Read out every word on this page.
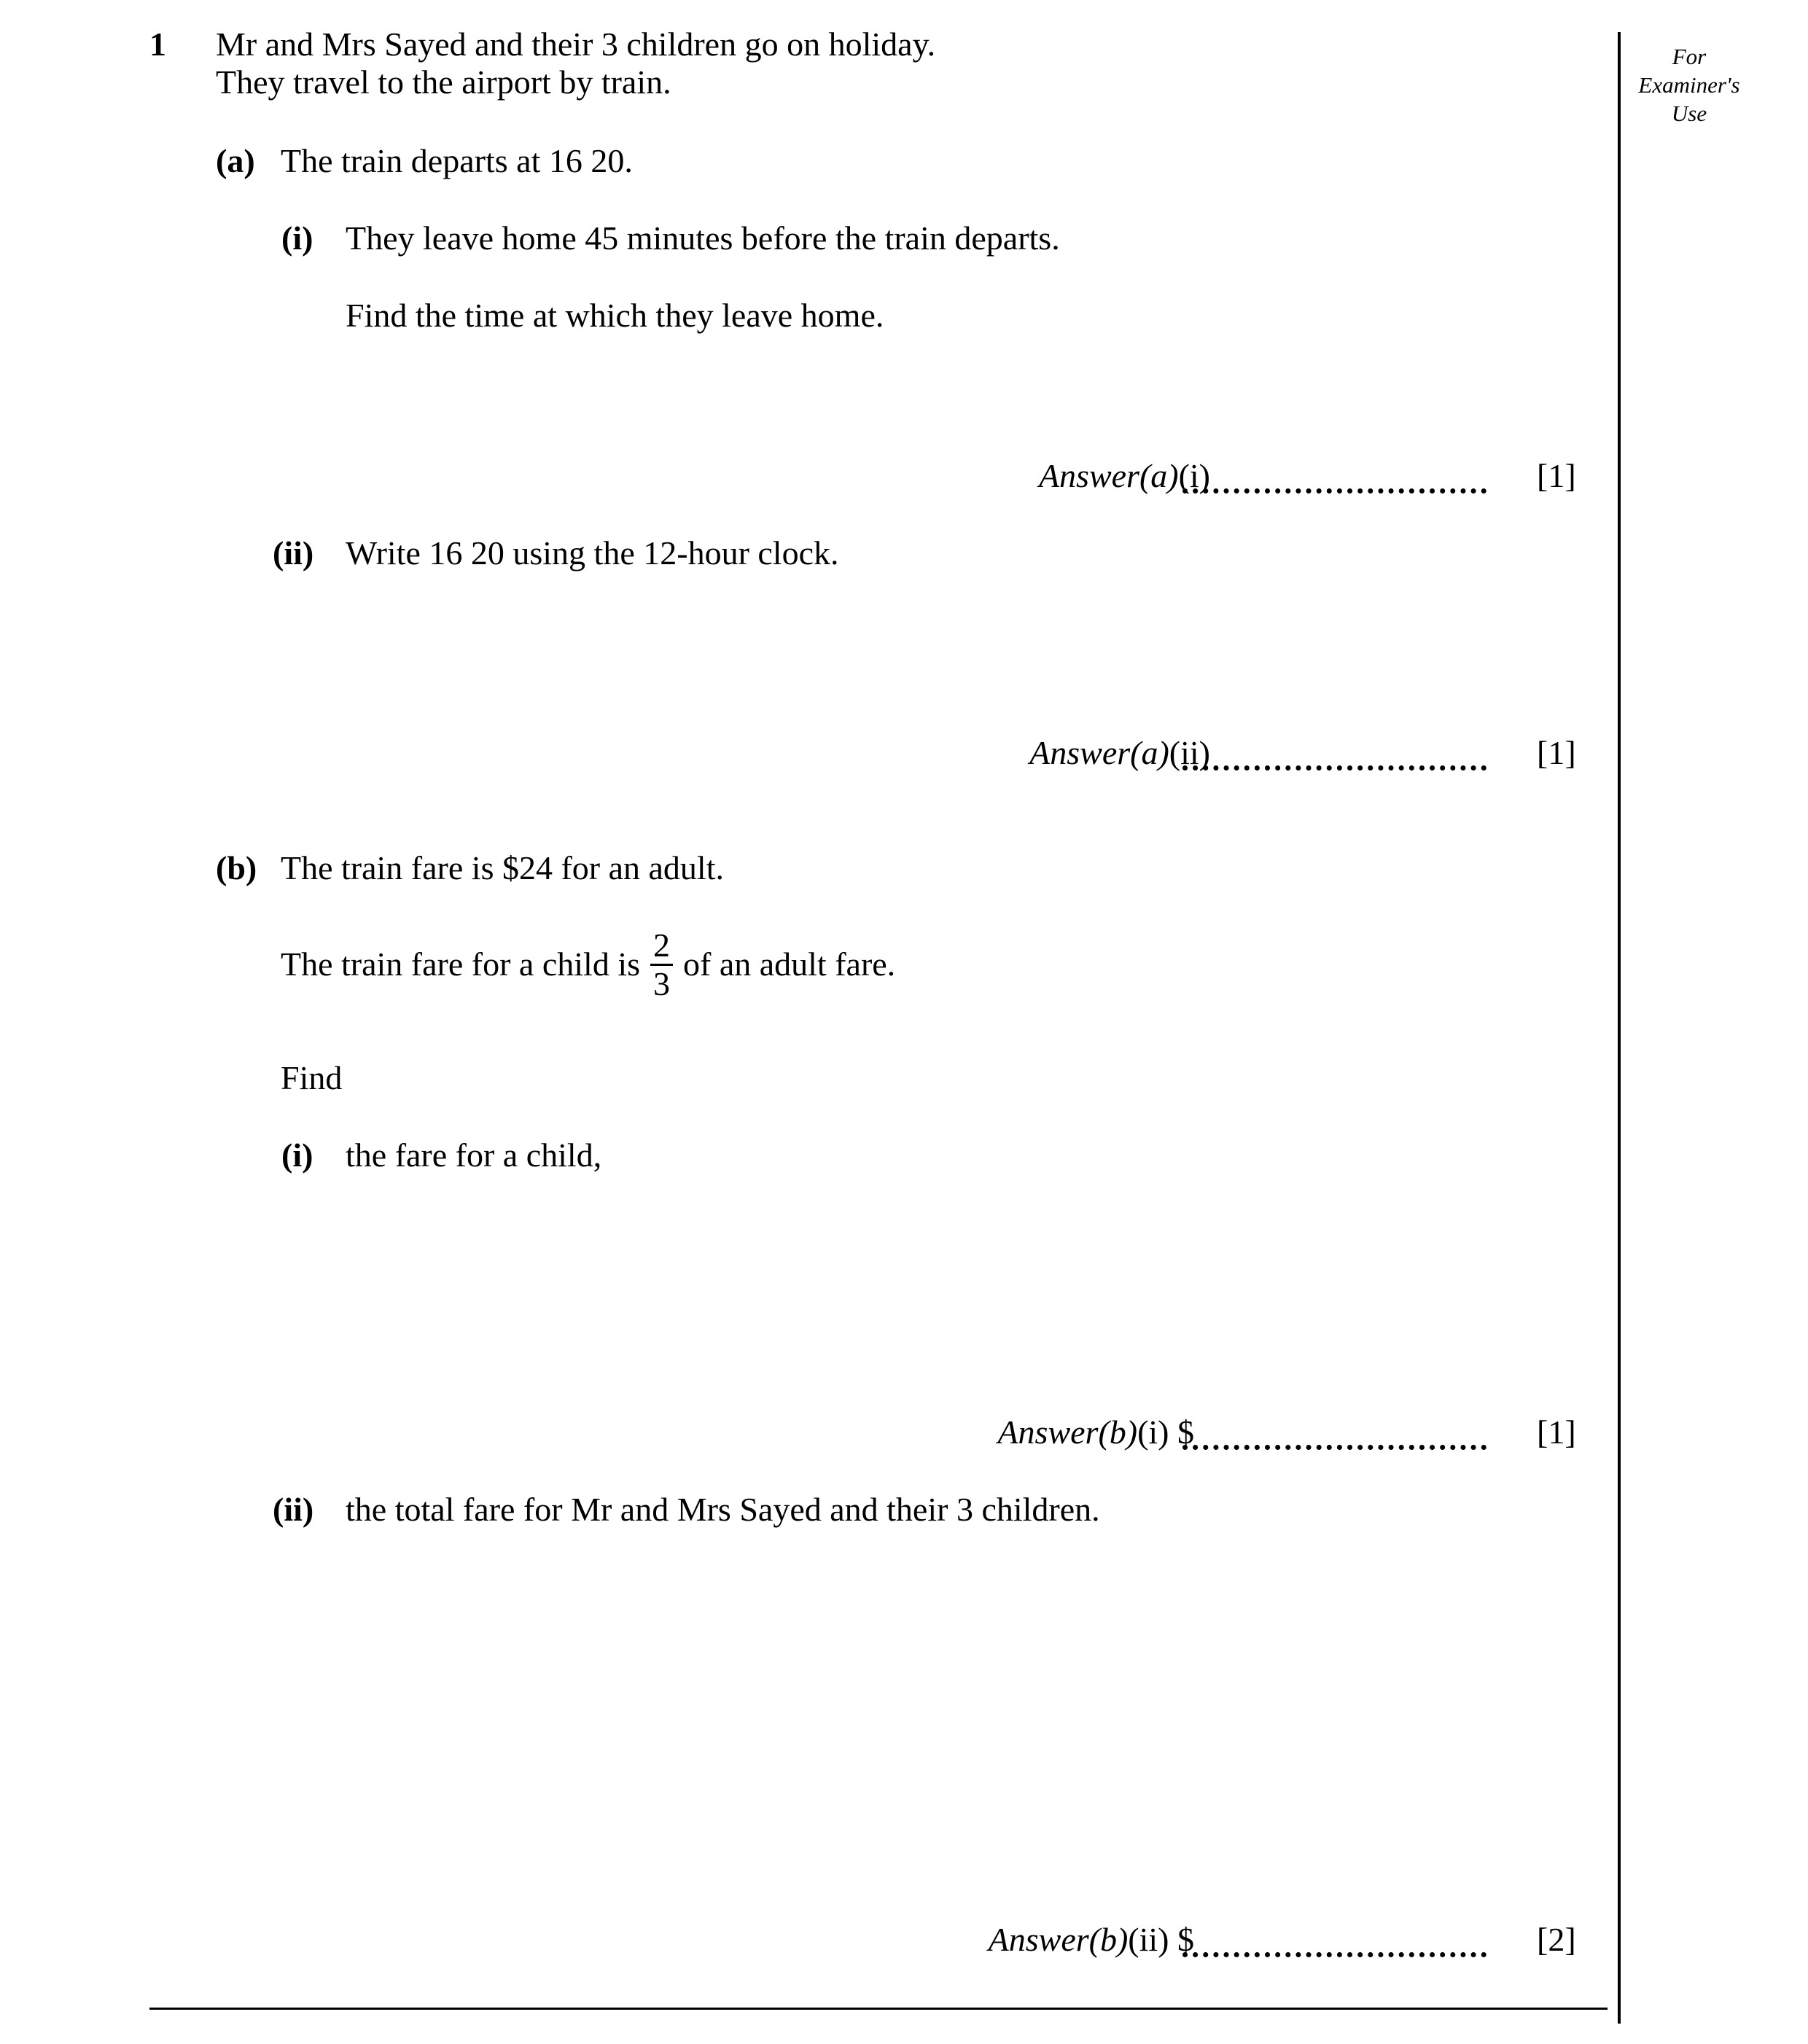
For
Examiner's
Use
1 Mr and Mrs Sayed and their 3 children go on holiday.
They travel to the airport by train.
(a) The train departs at 16 20.
(i) They leave home 45 minutes before the train departs.
Find the time at which they leave home.
Answer(a)(i)	[1]
(ii) Write 16 20 using the 12-hour clock.
Answer(a)(ii)	[1]
(b) The train fare is $24 for an adult.
The train fare for a child is $\frac{2}{3}$ of an adult fare.
Find
(i) the fare for a child,
Answer(b)(i) $	[1]
(ii) the total fare for Mr and Mrs Sayed and their 3 children.
Answer(b)(ii) $	[2]
